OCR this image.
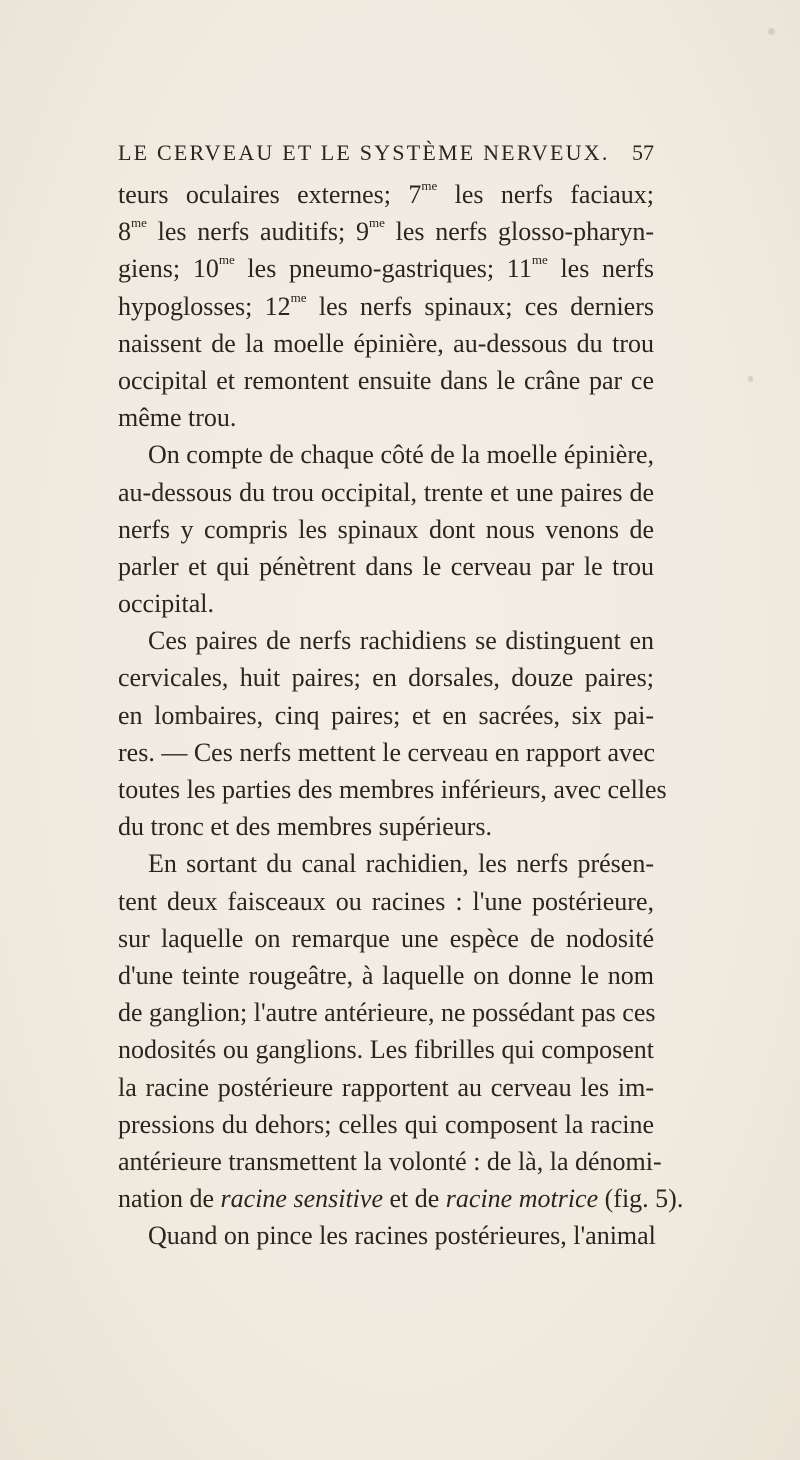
LE CERVEAU ET LE SYSTÈME NERVEUX. 57
teurs oculaires externes; $7^{me}$ les nerfs faciaux;
$8^{me}$ les nerfs auditifs; $9^{me}$ les nerfs glosso-pharyn-
giens; $10^{me}$ les pneumo-gastriques; $11^{me}$ les nerfs
hypoglosses; $12^{me}$ les nerfs spinaux; ces derniers
naissent de la moelle épinière, au-dessous du trou
occipital et remontent ensuite dans le crâne par ce
même trou.
On compte de chaque côté de la moelle épinière,
au-dessous du trou occipital, trente et une paires de
nerfs y compris les spinaux dont nous venons de
parler et qui pénètrent dans le cerveau par le trou
occipital.
Ces paires de nerfs rachidiens se distinguent en
cervicales, huit paires; en dorsales, douze paires;
en lombaires, cinq paires; et en sacrées, six pai-
res. — Ces nerfs mettent le cerveau en rapport avec
toutes les parties des membres inférieurs, avec celles
du tronc et des membres supérieurs.
En sortant du canal rachidien, les nerfs présen-
tent deux faisceaux ou racines : l'une postérieure,
sur laquelle on remarque une espèce de nodosité
d'une teinte rougeâtre, à laquelle on donne le nom
de ganglion; l'autre antérieure, ne possédant pas ces
nodosités ou ganglions. Les fibrilles qui composent
la racine postérieure rapportent au cerveau les im-
pressions du dehors; celles qui composent la racine
antérieure transmettent la volonté : de là, la dénomi-
nation de racine sensitive et de racine motrice (fig. 5).
Quand on pince les racines postérieures, l'animal
